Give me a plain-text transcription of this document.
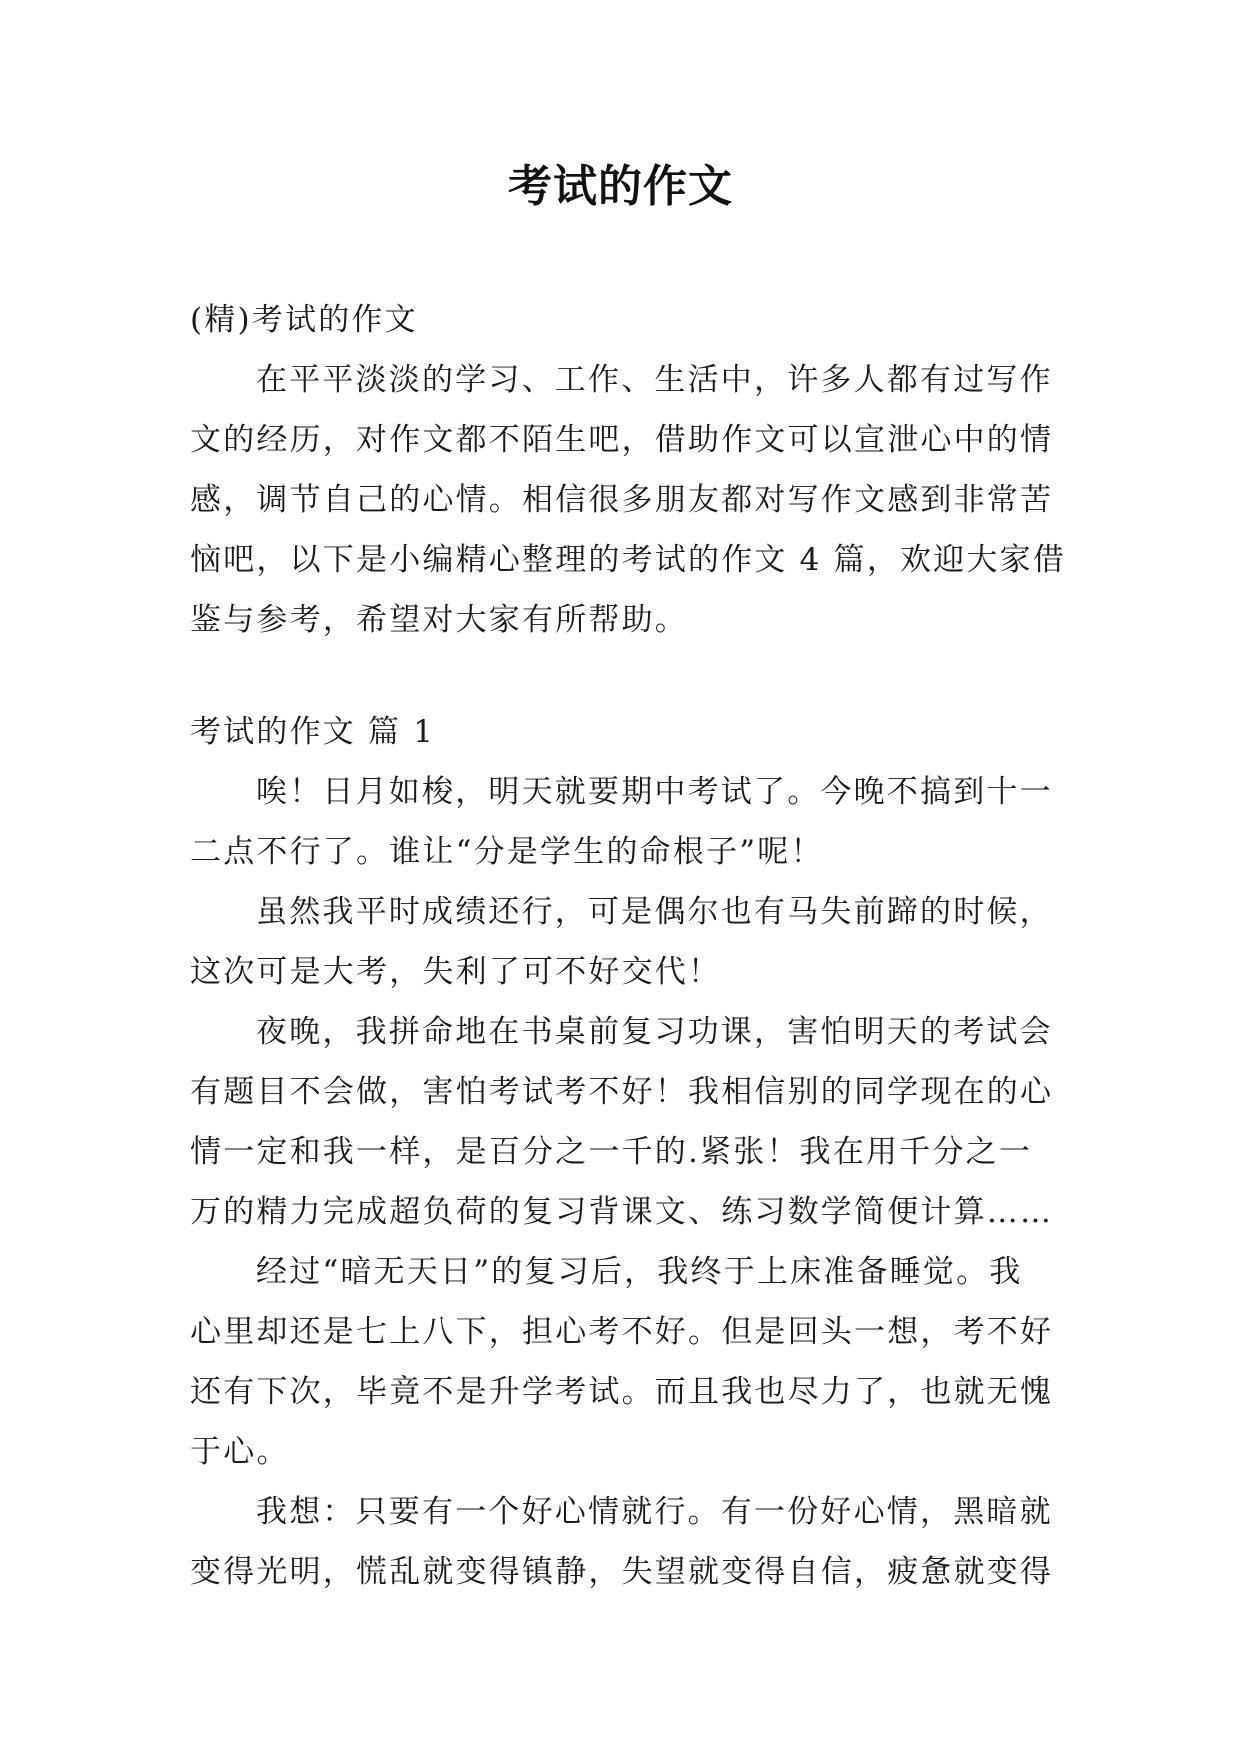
考试的作文
(精)考试的作文
在平平淡淡的学习、工作、生活中，许多人都有过写作
文的经历，对作文都不陌生吧，借助作文可以宣泄心中的情
感，调节自己的心情。相信很多朋友都对写作文感到非常苦
恼吧，以下是小编精心整理的考试的作文 4 篇，欢迎大家借
鉴与参考，希望对大家有所帮助。
考试的作文 篇 1
唉！日月如梭，明天就要期中考试了。今晚不搞到十一
二点不行了。谁让“分是学生的命根子”呢！
虽然我平时成绩还行，可是偶尔也有马失前蹄的时候，
这次可是大考，失利了可不好交代！
夜晚，我拼命地在书桌前复习功课，害怕明天的考试会
有题目不会做，害怕考试考不好！我相信别的同学现在的心
情一定和我一样，是百分之一千的.紧张！我在用千分之一
万的精力完成超负荷的复习背课文、练习数学简便计算……
经过“暗无天日”的复习后，我终于上床准备睡觉。我
心里却还是七上八下，担心考不好。但是回头一想，考不好
还有下次，毕竟不是升学考试。而且我也尽力了，也就无愧
于心。
我想：只要有一个好心情就行。有一份好心情，黑暗就
变得光明，慌乱就变得镇静，失望就变得自信，疲惫就变得
